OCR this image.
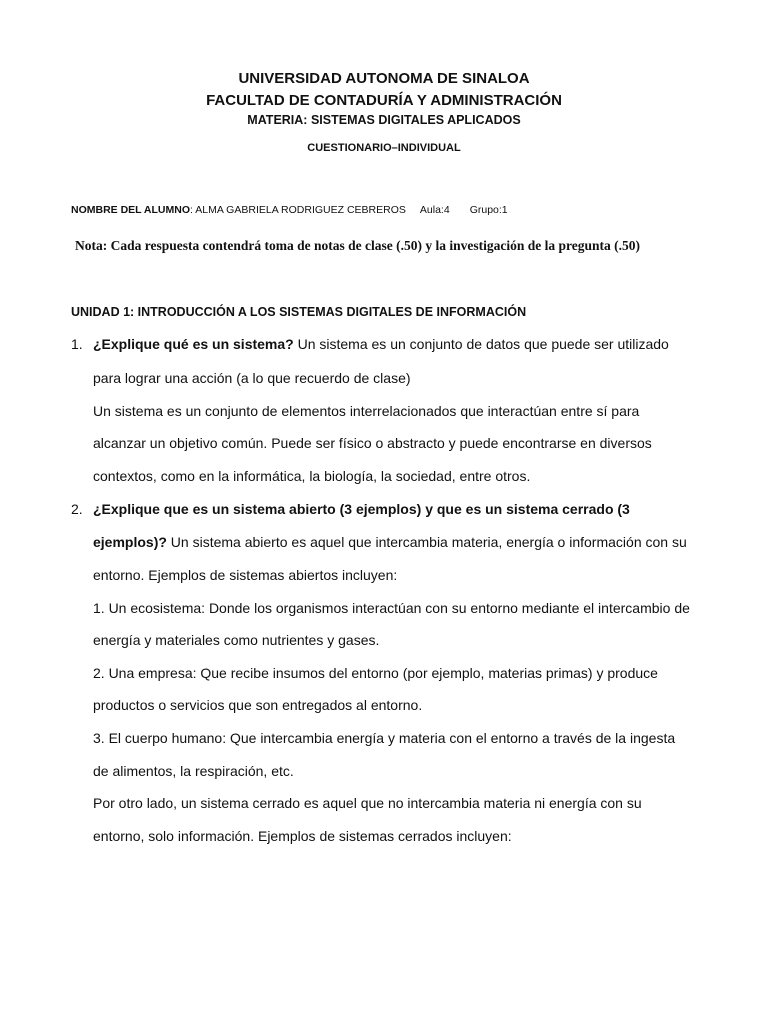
UNIVERSIDAD AUTONOMA DE SINALOA
FACULTAD DE CONTADURÍA Y ADMINISTRACIÓN
MATERIA: SISTEMAS DIGITALES APLICADOS
CUESTIONARIO–INDIVIDUAL
NOMBRE DEL ALUMNO: ALMA GABRIELA RODRIGUEZ CEBREROS Aula:4 Grupo:1
Nota: Cada respuesta contendrá toma de notas de clase (.50) y la investigación de la pregunta (.50)
UNIDAD 1: INTRODUCCIÓN A LOS SISTEMAS DIGITALES DE INFORMACIÓN
1. ¿Explique qué es un sistema? Un sistema es un conjunto de datos que puede ser utilizado
para lograr una acción (a lo que recuerdo de clase)
Un sistema es un conjunto de elementos interrelacionados que interactúan entre sí para
alcanzar un objetivo común. Puede ser físico o abstracto y puede encontrarse en diversos
contextos, como en la informática, la biología, la sociedad, entre otros.
2. ¿Explique que es un sistema abierto (3 ejemplos) y que es un sistema cerrado (3
ejemplos)? Un sistema abierto es aquel que intercambia materia, energía o información con su
entorno. Ejemplos de sistemas abiertos incluyen:
1. Un ecosistema: Donde los organismos interactúan con su entorno mediante el intercambio de
energía y materiales como nutrientes y gases.
2. Una empresa: Que recibe insumos del entorno (por ejemplo, materias primas) y produce
productos o servicios que son entregados al entorno.
3. El cuerpo humano: Que intercambia energía y materia con el entorno a través de la ingesta
de alimentos, la respiración, etc.
Por otro lado, un sistema cerrado es aquel que no intercambia materia ni energía con su
entorno, solo información. Ejemplos de sistemas cerrados incluyen:
